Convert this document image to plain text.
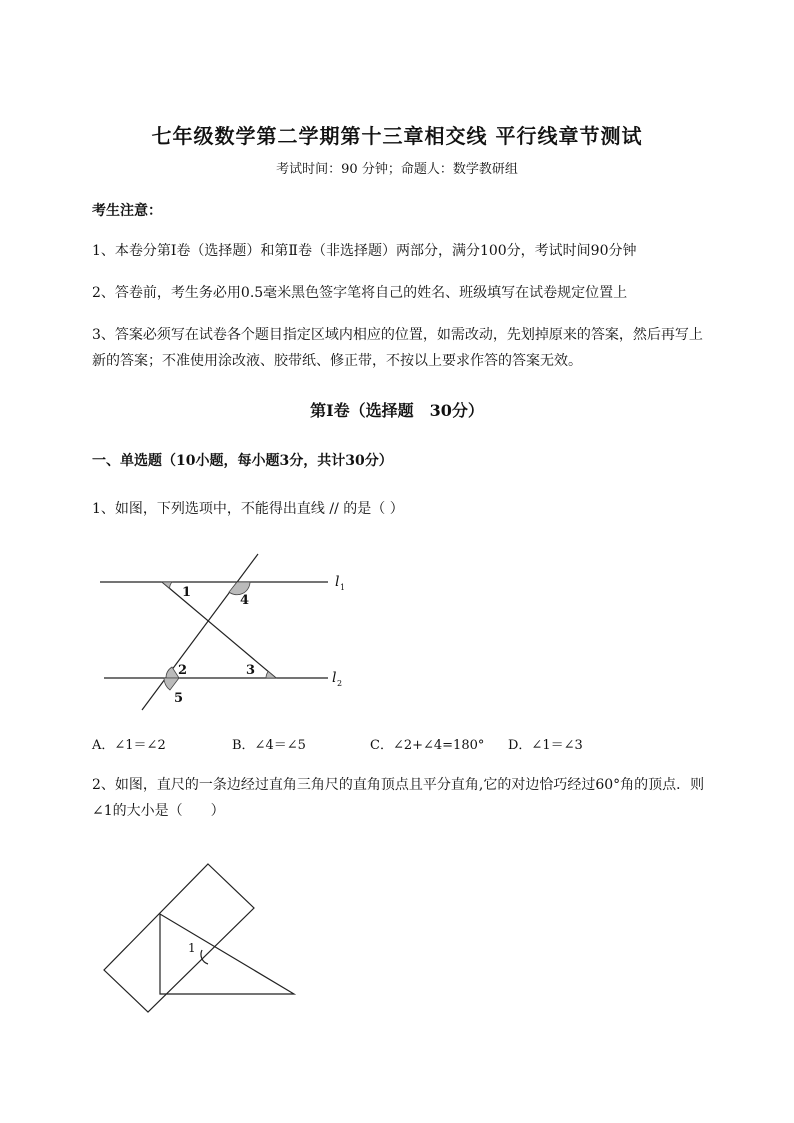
七年级数学第二学期第十三章相交线 平行线章节测试
考试时间：90 分钟；命题人：数学教研组
考生注意：
1、本卷分第Ⅰ卷（选择题）和第Ⅱ卷（非选择题）两部分，满分100分，考试时间90分钟
2、答卷前，考生务必用0.5毫米黑色签字笔将自己的姓名、班级填写在试卷规定位置上
3、答案必须写在试卷各个题目指定区域内相应的位置，如需改动，先划掉原来的答案，然后再写上新的答案；不准使用涂改液、胶带纸、修正带，不按以上要求作答的答案无效。
第Ⅰ卷（选择题　30分）
一、单选题（10小题，每小题3分，共计30分）
1、如图，下列选项中，不能得出直线 // 的是（ ）
1
4
2	3
5
l 1
l 2
A．∠1＝∠2	B．∠4＝∠5	C．∠2+∠4=180° D．∠1＝∠3
2、如图，直尺的一条边经过直角三角尺的直角顶点且平分直角,它的对边恰巧经过60°角的顶点．则∠1的大小是（　　）
1
